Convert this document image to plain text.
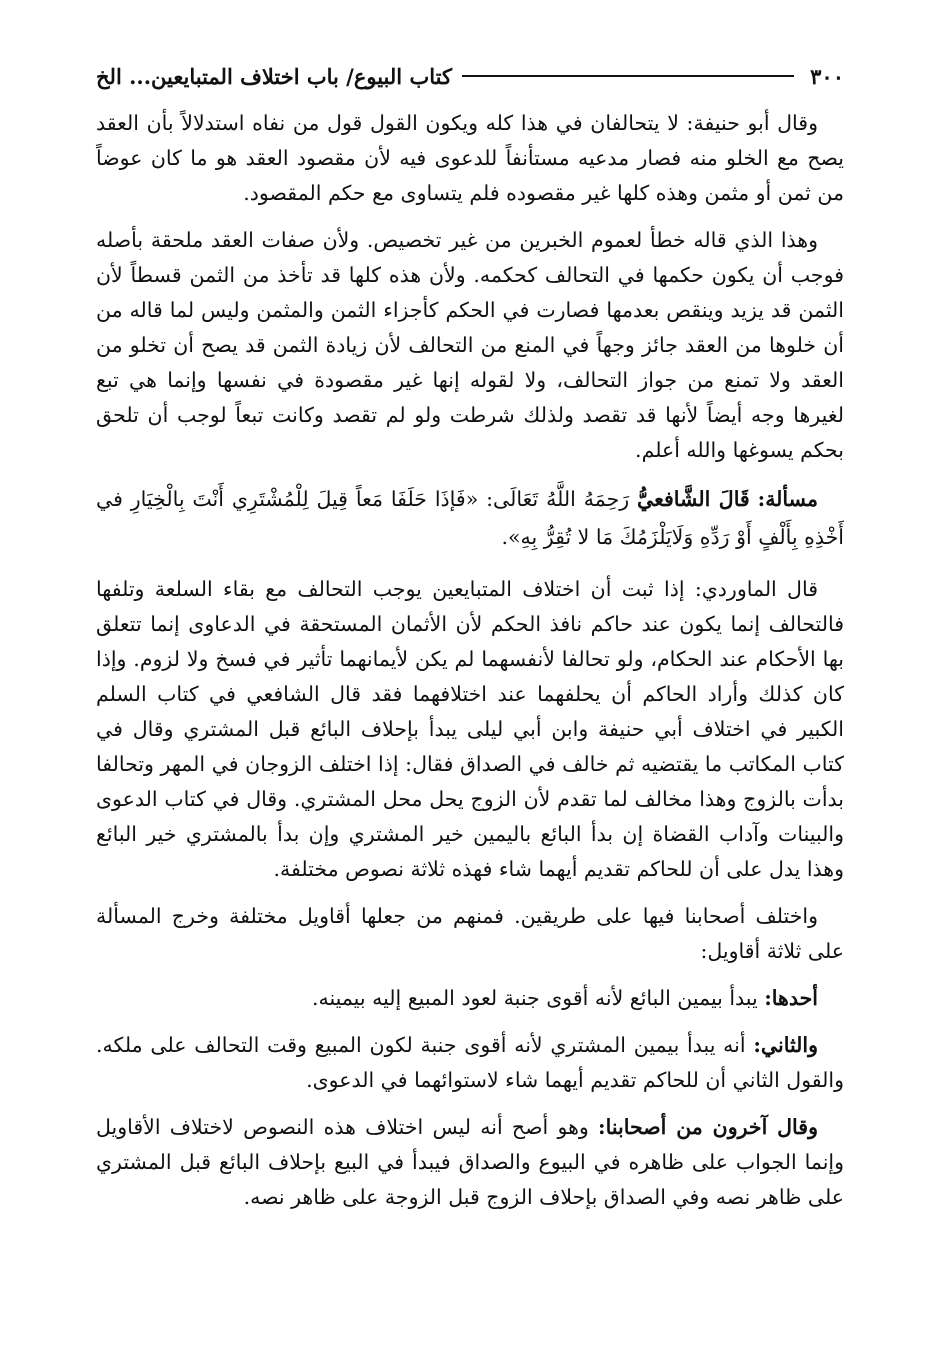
٣٠٠
كتاب البيوع/ باب اختلاف المتبايعين... الخ

وقال أبو حنيفة: لا يتحالفان في هذا كله ويكون القول قول من نفاه استدلالاً بأن العقد يصح مع الخلو منه فصار مدعيه مستأنفاً للدعوى فيه لأن مقصود العقد هو ما كان عوضاً من ثمن أو مثمن وهذه كلها غير مقصوده فلم يتساوى مع حكم المقصود.

وهذا الذي قاله خطأ لعموم الخبرين من غير تخصيص. ولأن صفات العقد ملحقة بأصله فوجب أن يكون حكمها في التحالف كحكمه. ولأن هذه كلها قد تأخذ من الثمن قسطاً لأن الثمن قد يزيد وينقص بعدمها فصارت في الحكم كأجزاء الثمن والمثمن وليس لما قاله من أن خلوها من العقد جائز وجهاً في المنع من التحالف لأن زيادة الثمن قد يصح أن تخلو من العقد ولا تمنع من جواز التحالف، ولا لقوله إنها غير مقصودة في نفسها وإنما هي تبع لغيرها وجه أيضاً لأنها قد تقصد ولذلك شرطت ولو لم تقصد وكانت تبعاً لوجب أن تلحق بحكم يسوغها والله أعلم.

مسألة: قَالَ الشَّافعيُّ رَحِمَهُ اللَّهُ تَعَالَى: «فَإذَا حَلَفَا مَعاً قِيلَ لِلْمُشْتَرِي أَنْتَ بِالْخِيَارِ في أَخْذِهِ بِأَلْفٍ أَوْ رَدِّهِ وَلَايَلْزَمُكَ مَا لا تُقِرُّ بِهِ».

قال الماوردي: إذا ثبت أن اختلاف المتبايعين يوجب التحالف مع بقاء السلعة وتلفها فالتحالف إنما يكون عند حاكم نافذ الحكم لأن الأثمان المستحقة في الدعاوى إنما تتعلق بها الأحكام عند الحكام، ولو تحالفا لأنفسهما لم يكن لأيمانهما تأثير في فسخ ولا لزوم. وإذا كان كذلك وأراد الحاكم أن يحلفهما عند اختلافهما فقد قال الشافعي في كتاب السلم الكبير في اختلاف أبي حنيفة وابن أبي ليلى يبدأ بإحلاف البائع قبل المشتري وقال في كتاب المكاتب ما يقتضيه ثم خالف في الصداق فقال: إذا اختلف الزوجان في المهر وتحالفا بدأت بالزوج وهذا مخالف لما تقدم لأن الزوج يحل محل المشتري. وقال في كتاب الدعوى والبينات وآداب القضاة إن بدأ البائع باليمين خير المشتري وإن بدأ بالمشتري خير البائع وهذا يدل على أن للحاكم تقديم أيهما شاء فهذه ثلاثة نصوص مختلفة.

واختلف أصحابنا فيها على طريقين. فمنهم من جعلها أقاويل مختلفة وخرج المسألة على ثلاثة أقاويل:

أحدها: يبدأ بيمين البائع لأنه أقوى جنبة لعود المبيع إليه بيمينه.

والثاني: أنه يبدأ بيمين المشتري لأنه أقوى جنبة لكون المبيع وقت التحالف على ملكه. والقول الثاني أن للحاكم تقديم أيهما شاء لاستوائهما في الدعوى.

وقال آخرون من أصحابنا: وهو أصح أنه ليس اختلاف هذه النصوص لاختلاف الأقاويل وإنما الجواب على ظاهره في البيوع والصداق فيبدأ في البيع بإحلاف البائع قبل المشتري على ظاهر نصه وفي الصداق بإحلاف الزوج قبل الزوجة على ظاهر نصه.
